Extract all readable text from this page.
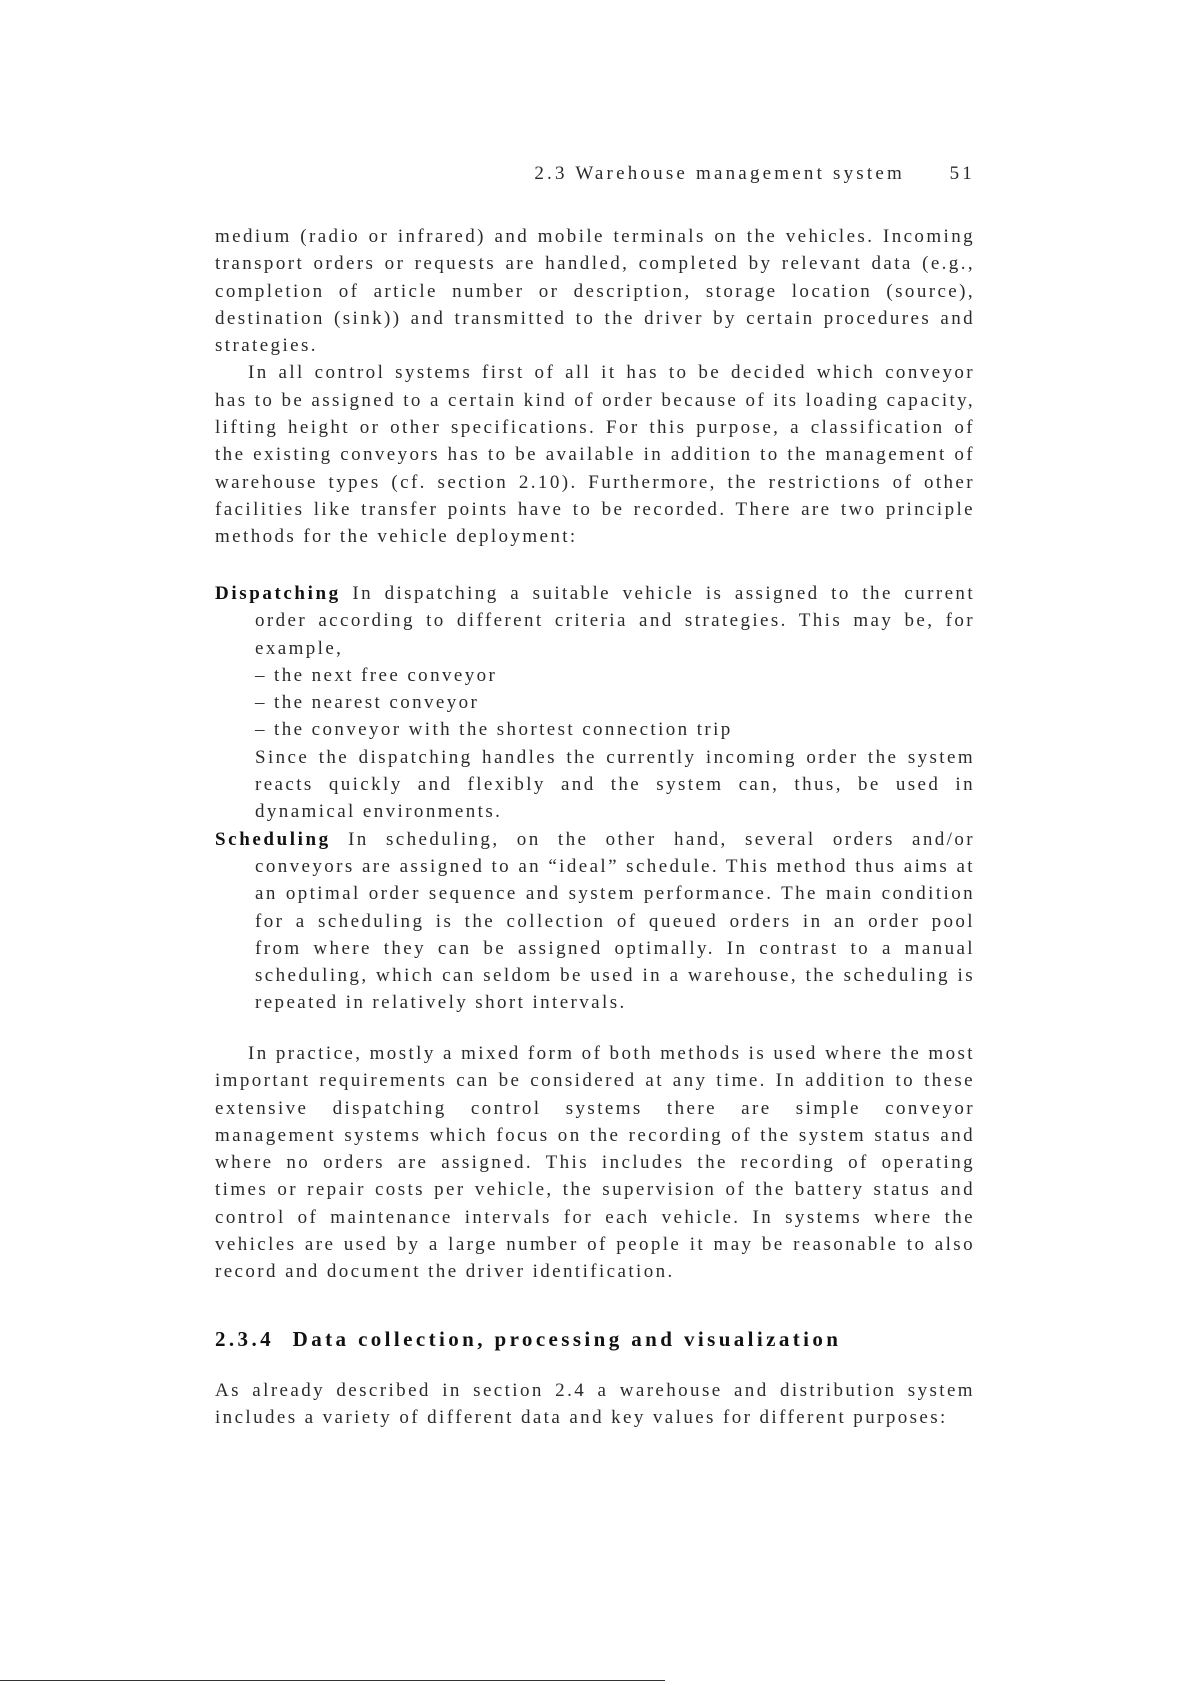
2.3 Warehouse management system 51

medium (radio or infrared) and mobile terminals on the vehicles. Incoming transport orders or requests are handled, completed by relevant data (e.g., completion of article number or description, storage location (source), destination (sink)) and transmitted to the driver by certain procedures and strategies.

In all control systems first of all it has to be decided which conveyor has to be assigned to a certain kind of order because of its loading capacity, lifting height or other specifications. For this purpose, a classification of the existing conveyors has to be available in addition to the management of warehouse types (cf. section 2.10). Furthermore, the restrictions of other facilities like transfer points have to be recorded. There are two principle methods for the vehicle deployment:

Dispatching In dispatching a suitable vehicle is assigned to the current order according to different criteria and strategies. This may be, for example,
– the next free conveyor
– the nearest conveyor
– the conveyor with the shortest connection trip
Since the dispatching handles the currently incoming order the system reacts quickly and flexibly and the system can, thus, be used in dynamical environments.
Scheduling In scheduling, on the other hand, several orders and/or conveyors are assigned to an “ideal” schedule. This method thus aims at an optimal order sequence and system performance. The main condition for a scheduling is the collection of queued orders in an order pool from where they can be assigned optimally. In contrast to a manual scheduling, which can seldom be used in a warehouse, the scheduling is repeated in relatively short intervals.

In practice, mostly a mixed form of both methods is used where the most important requirements can be considered at any time. In addition to these extensive dispatching control systems there are simple conveyor management systems which focus on the recording of the system status and where no orders are assigned. This includes the recording of operating times or repair costs per vehicle, the supervision of the battery status and control of maintenance intervals for each vehicle. In systems where the vehicles are used by a large number of people it may be reasonable to also record and document the driver identification.

2.3.4 Data collection, processing and visualization

As already described in section 2.4 a warehouse and distribution system includes a variety of different data and key values for different purposes:
